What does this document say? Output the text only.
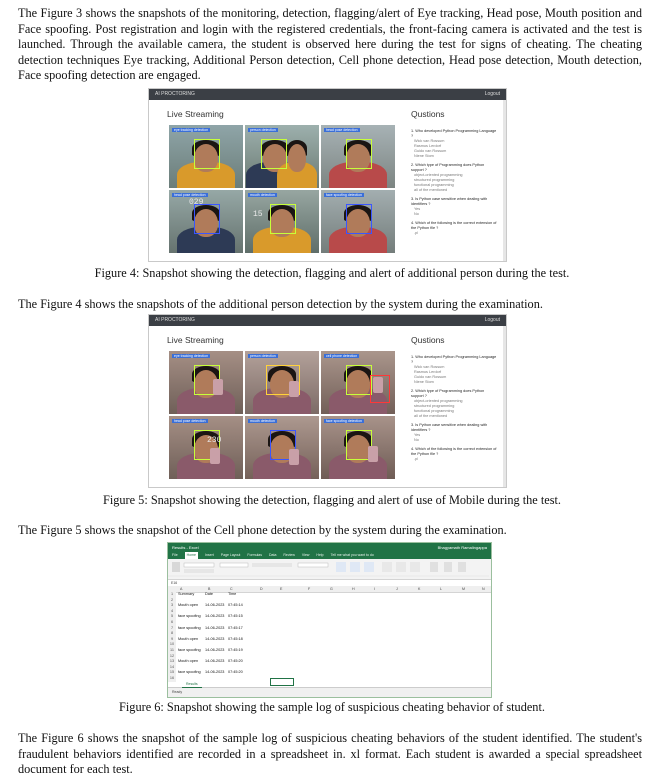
The Figure 3 shows the snapshots of the monitoring, detection, flagging/alert of Eye tracking, Head pose, Mouth position and Face spoofing. Post registration and login with the registered credentials, the front-facing camera is activated and the test is launched. Through the available camera, the student is observed here during the test for signs of cheating. The cheating detection techniques Eye tracking, Additional Person detection, Cell phone detection, Head pose detection, Mouth detection, Face spoofing detection are engaged.

AI PROCTORING	Logout
Live Streaming	Qustions
eye tracking detection	person detection	head pose detection
029
head pose detection
15
mouth detection	face spoofing detection
1. Who developed Python Programming Language ?
Wick van Rossum
Rasmus Lerdorf
Guido van Rossum
Niene Stom
2. Which type of Programming does Python support ?
object-oriented programming
structured programming
functional programming
all of the mentioned
3. Is Python case sensitive when dealing with identifiers ?
Yes
No
4. Which of the following is the correct extension of the Python file ?
.pl

Figure 4: Snapshot showing the detection, flagging and alert of additional person during the test.

The Figure 4 shows the snapshots of the additional person detection by the system during the examination.

AI PROCTORING	Logout
Live Streaming	Qustions
eye tracking detection	person detection	cell phone detection
230
head pose detection	mouth detection	face spoofing detection
1. Who developed Python Programming Language ?
Wick van Rossum
Rasmus Lerdorf
Guido van Rossum
Niene Stom
2. Which type of Programming does Python support ?
object-oriented programming
structured programming
functional programming
all of the mentioned
3. Is Python case sensitive when dealing with identifiers ?
Yes
No
4. Which of the following is the correct extension of the Python file ?
.pl

Figure 5: Snapshot showing the detection, flagging and alert of use of Mobile during the test.

The Figure 5 shows the snapshot of the Cell phone detection by the system during the examination.

Results - Excel	Bhagyamath Ramalingappa
File	Home	Insert Page Layout Formulas Data Review View Help Tell me what you want to do
E16
A	B	C	D	E	F	G	H	I	J	K	L	M	N
1	Summary	Date	Time
2
3	Mouth open 14-06-2023 07:45:14
4
5	face spoofing 14-06-2023 07:45:15
6
7	face spoofing 14-06-2023 07:45:17
8
9	Mouth open 14-06-2023 07:45:18
10
11	face spoofing 14-06-2023 07:45:19
12
13	Mouth open 14-06-2023 07:45:20
14
15	face spoofing 14-06-2023 07:45:20
16
Ready
Results

Figure 6: Snapshot showing the sample log of suspicious cheating behavior of student.

The Figure 6 shows the snapshot of the sample log of suspicious cheating behaviors of the student identified. The student's fraudulent behaviors identified are recorded in a spreadsheet in. xl format. Each student is awarded a special spreadsheet document for each test.
